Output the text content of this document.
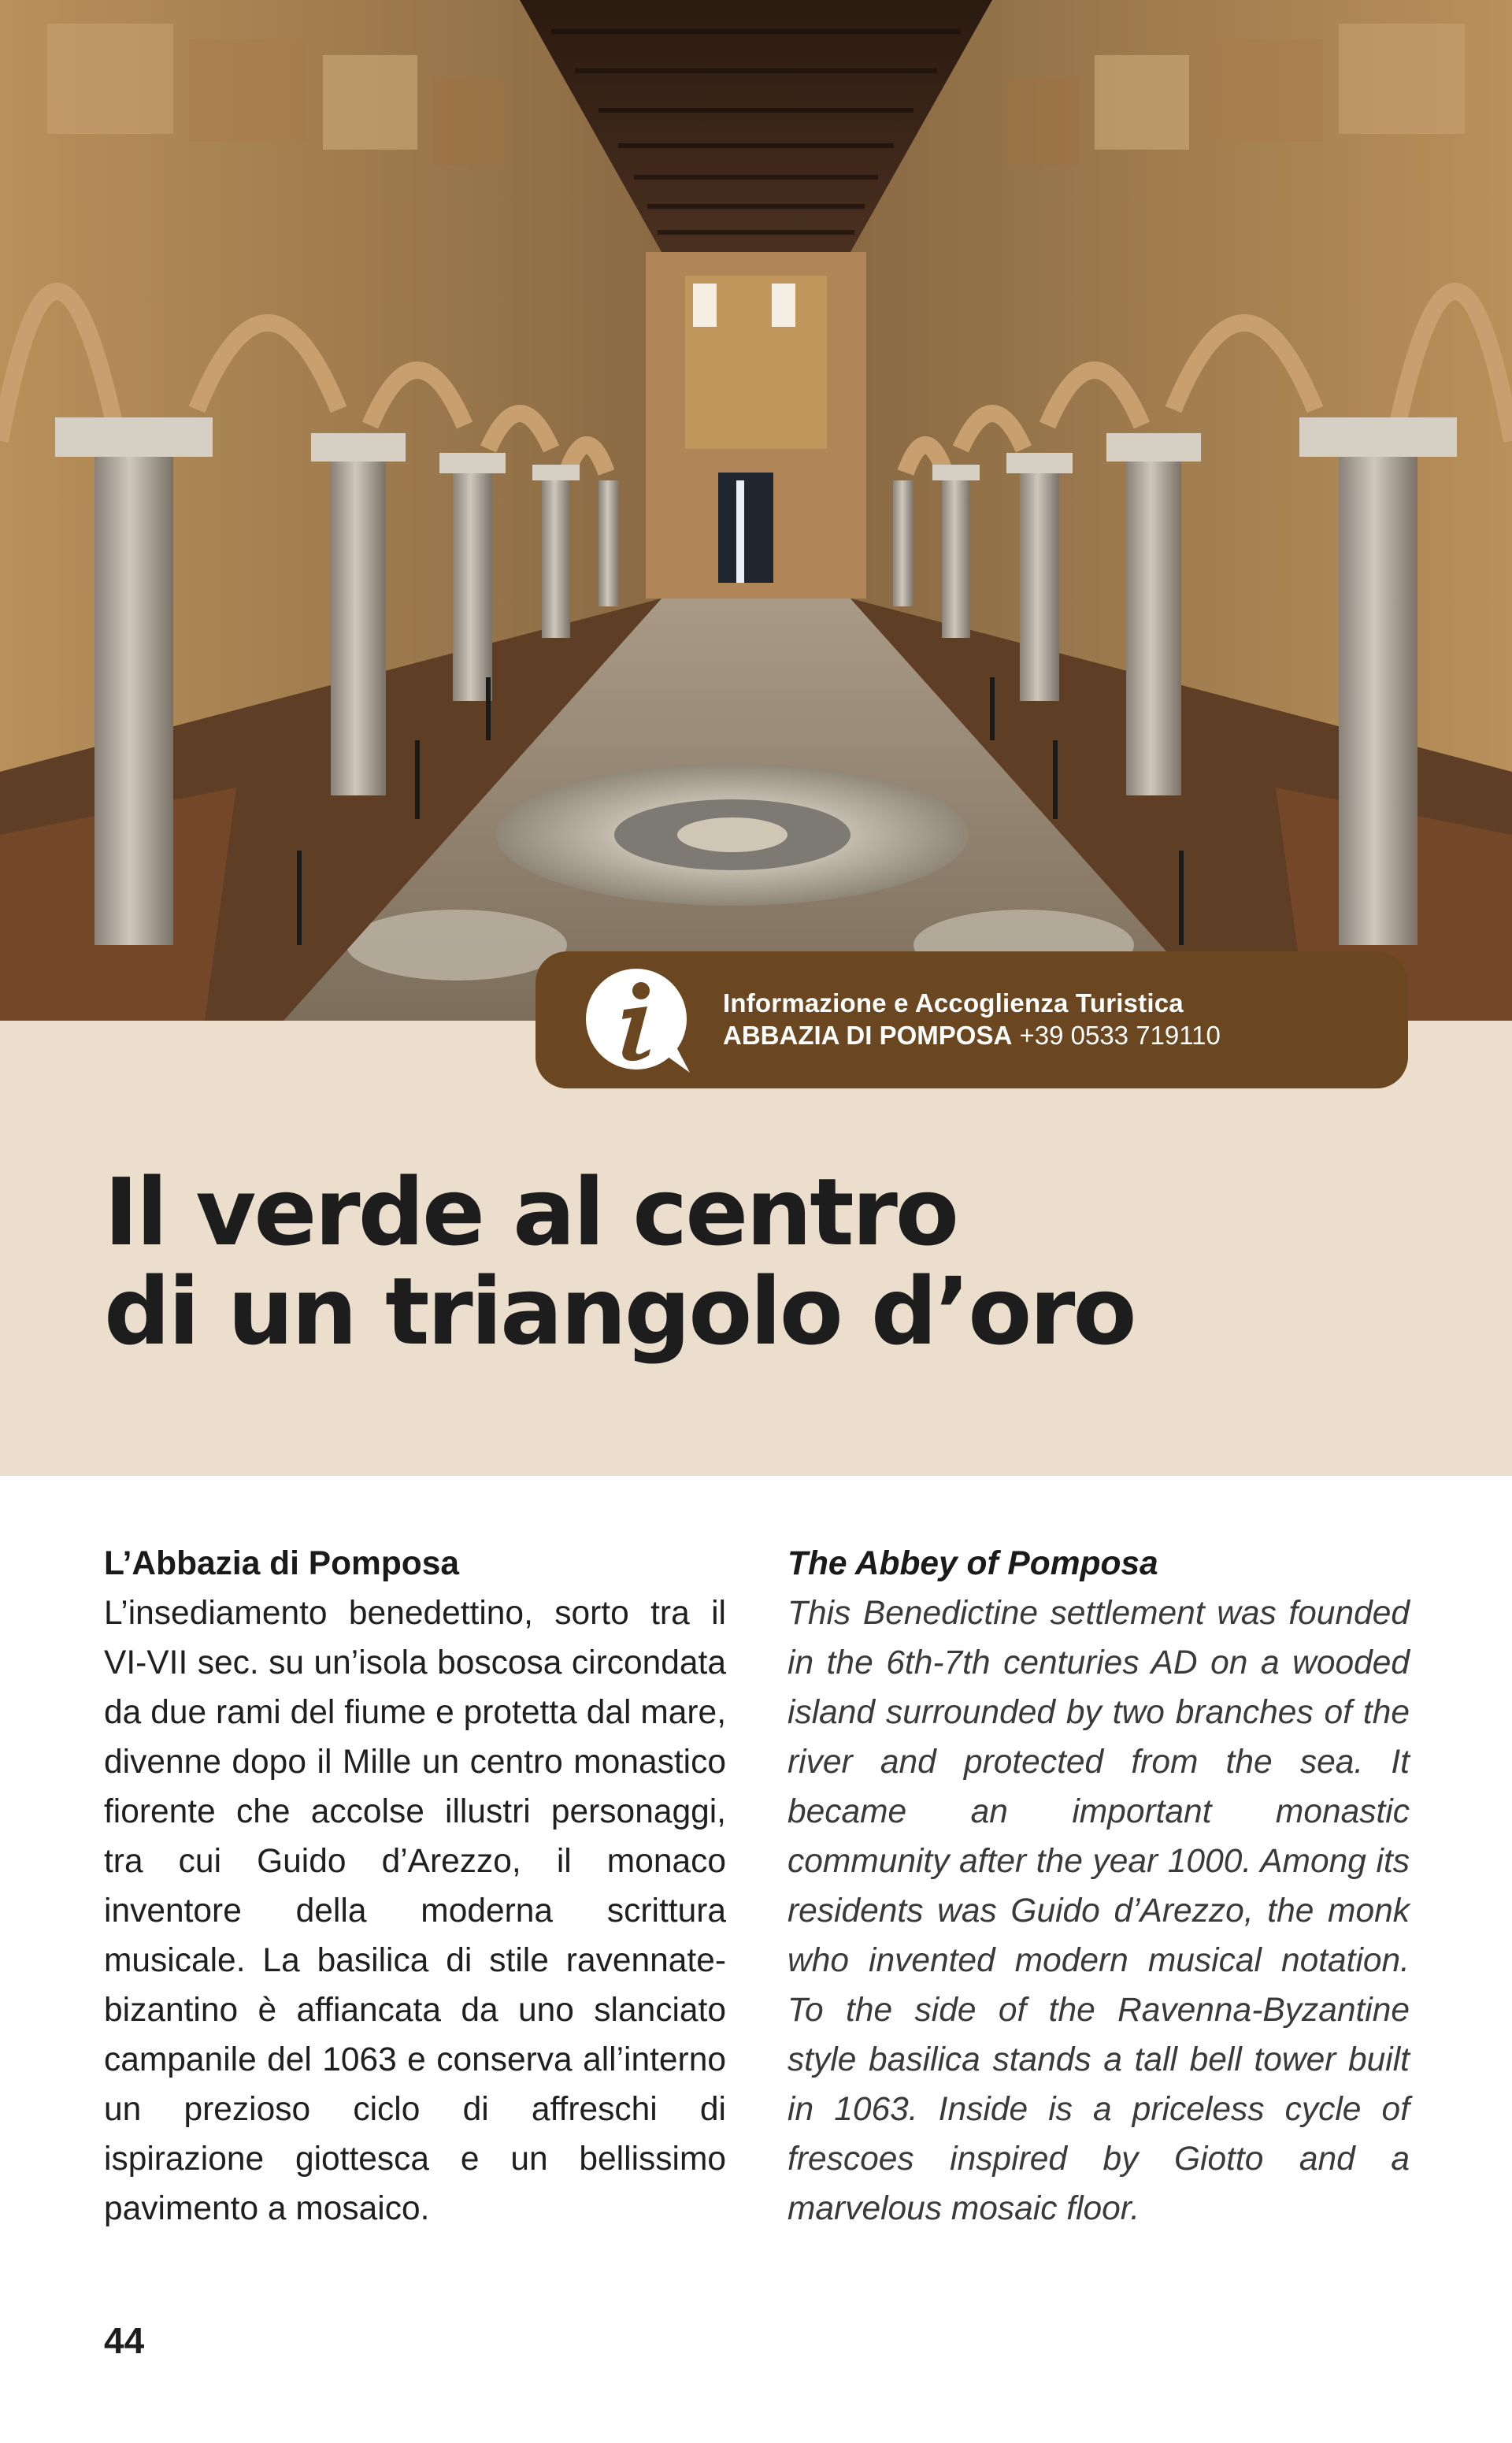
Informazione e Accoglienza Turistica
ABBAZIA DI POMPOSA +39 0533 719110
Il verde al centro
di un triangolo d’oro
L’Abbazia di Pomposa

L’insediamento benedettino, sorto tra il VI-VII sec. su un’isola boscosa circondata da due rami del fiume e protetta dal mare, divenne dopo il Mille un centro monastico fiorente che accolse illustri personaggi, tra cui Guido d’Arezzo, il monaco inventore della moderna scrittura musicale. La basilica di stile ravennate-bizantino è affiancata da uno slanciato campanile del 1063 e conserva all’interno un prezioso ciclo di affreschi di ispirazione giottesca e un bellissimo pavimento a mosaico.

The Abbey of Pomposa

This Benedictine settlement was founded in the 6th-7th centuries AD on a wooded island surrounded by two branches of the river and protected from the sea. It became an important monastic community after the year 1000. Among its residents was Guido d’Arezzo, the monk who invented modern musical notation. To the side of the Ravenna-Byzantine style basilica stands a tall bell tower built in 1063. Inside is a priceless cycle of frescoes inspired by Giotto and a marvelous mosaic floor.

44
